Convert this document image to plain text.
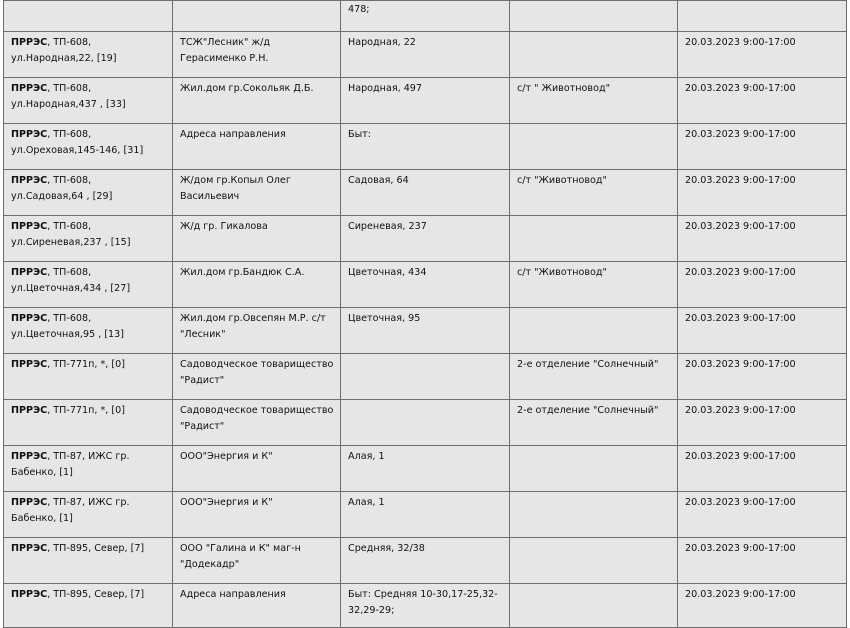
		478;		
ПРРЭС, ТП-608, ул.Народная,22, [19]	ТСЖ"Лесник" ж/д Герасименко Р.Н.	Народная, 22		20.03.2023 9:00-17:00
ПРРЭС, ТП-608, ул.Народная,437 , [33]	Жил.дом гр.Сокольяк Д.Б.	Народная, 497	с/т " Животновод"	20.03.2023 9:00-17:00
ПРРЭС, ТП-608, ул.Ореховая,145-146, [31]	Адреса направления	Быт:		20.03.2023 9:00-17:00
ПРРЭС, ТП-608, ул.Садовая,64 , [29]	Ж/дом гр.Копыл Олег Васильевич	Садовая, 64	с/т "Животновод"	20.03.2023 9:00-17:00
ПРРЭС, ТП-608, ул.Сиреневая,237 , [15]	Ж/д гр. Гикалова	Сиреневая, 237		20.03.2023 9:00-17:00
ПРРЭС, ТП-608, ул.Цветочная,434 , [27]	Жил.дом гр.Бандюк С.А.	Цветочная, 434	с/т "Животновод"	20.03.2023 9:00-17:00
ПРРЭС, ТП-608, ул.Цветочная,95 , [13]	Жил.дом гр.Овсепян М.Р. с/т "Лесник"	Цветочная, 95		20.03.2023 9:00-17:00
ПРРЭС, ТП-771п, *, [0]	Садоводческое товарищество "Радист"		2-е отделение "Солнечный"	20.03.2023 9:00-17:00
ПРРЭС, ТП-771п, *, [0]	Садоводческое товарищество "Радист"		2-е отделение "Солнечный"	20.03.2023 9:00-17:00
ПРРЭС, ТП-87, ИЖС гр. Бабенко, [1]	ООО"Энергия и К"	Алая, 1		20.03.2023 9:00-17:00
ПРРЭС, ТП-87, ИЖС гр. Бабенко, [1]	ООО"Энергия и К"	Алая, 1		20.03.2023 9:00-17:00
ПРРЭС, ТП-895, Север, [7]	ООО "Галина и К" маг-н "Додекадр"	Средняя, 32/38		20.03.2023 9:00-17:00
ПРРЭС, ТП-895, Север, [7]	Адреса направления	Быт: Средняя 10-30,17-25,32-32,29-29;		20.03.2023 9:00-17:00
